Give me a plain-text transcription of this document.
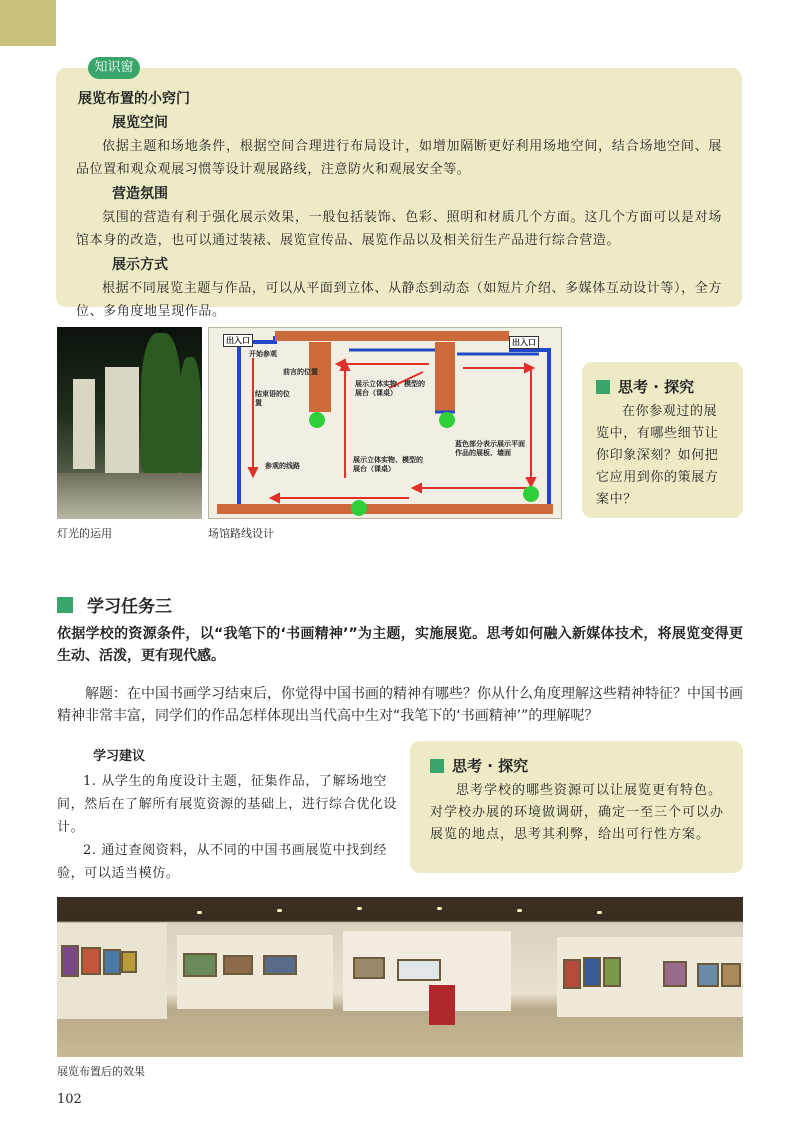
展览布置的小窍门
展览空间

依据主题和场地条件，根据空间合理进行布局设计，如增加隔断更好利用场地空间，结合场地空间、展品位置和观众观展习惯等设计观展路线，注意防火和观展安全等。

营造氛围

氛围的营造有利于强化展示效果，一般包括装饰、色彩、照明和材质几个方面。这几个方面可以是对场馆本身的改造，也可以通过装裱、展览宣传品、展览作品以及相关衍生产品进行综合营造。

展示方式

根据不同展览主题与作品，可以从平面到立体、从静态到动态（如短片介绍、多媒体互动设计等），全方位、多角度地呈现作品。

知识窗
灯光的运用
出入口	出入口
开始参观
前言的位置
结束语的位置
展示立体实物、模型的展台（课桌）
参观的线路
展示立体实物、模型的展台（课桌）
蓝色部分表示展示平面作品的展板、墙面
场馆路线设计
思考 · 探究

在你参观过的展览中，有哪些细节让你印象深刻？如何把它应用到你的策展方案中？

学习任务三

依据学校的资源条件，以“我笔下的‘书画精神’”为主题，实施展览。思考如何融入新媒体技术，将展览变得更生动、活泼，更有现代感。

解题：在中国书画学习结束后，你觉得中国书画的精神有哪些？你从什么角度理解这些精神特征？中国书画精神非常丰富，同学们的作品怎样体现出当代高中生对“我笔下的‘书画精神’”的理解呢？

学习建议

1. 从学生的角度设计主题，征集作品，了解场地空间，然后在了解所有展览资源的基础上，进行综合优化设计。

2. 通过查阅资料，从不同的中国书画展览中找到经验，可以适当模仿。

思考 · 探究

思考学校的哪些资源可以让展览更有特色。对学校办展的环境做调研，确定一至三个可以办展览的地点，思考其利弊，给出可行性方案。

展览布置后的效果
102
